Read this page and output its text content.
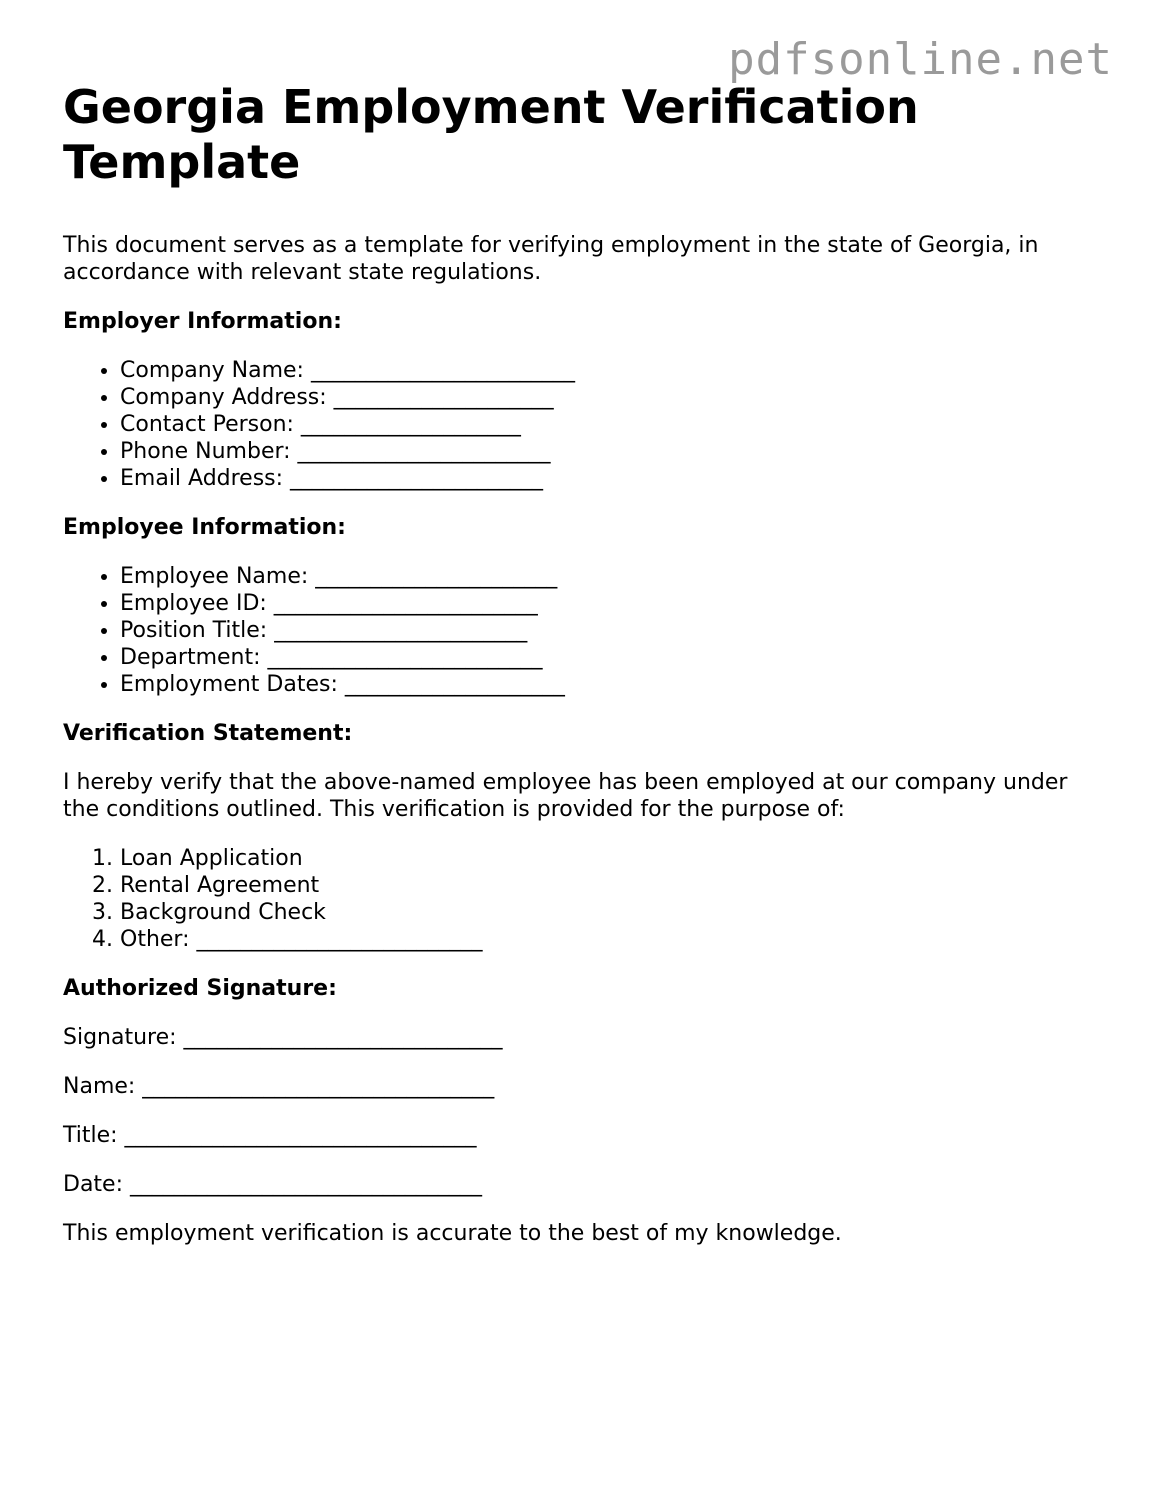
pdfsonline.net
Georgia Employment Verification Template

This document serves as a template for verifying employment in the state of Georgia, in accordance with relevant state regulations.

Employer Information:
• Company Name: ________________________
• Company Address: ____________________
• Contact Person: ____________________
• Phone Number: _______________________
• Email Address: _______________________
Employee Information:
• Employee Name: ______________________
• Employee ID: ________________________
• Position Title: _______________________
• Department: _________________________
• Employment Dates: ____________________
Verification Statement:

I hereby verify that the above-named employee has been employed at our company under the conditions outlined. This verification is provided for the purpose of:

1. Loan Application
2. Rental Agreement
3. Background Check
4. Other: __________________________
Authorized Signature:

Signature: _____________________________

Name: ________________________________

Title: ________________________________

Date: ________________________________

This employment verification is accurate to the best of my knowledge.
